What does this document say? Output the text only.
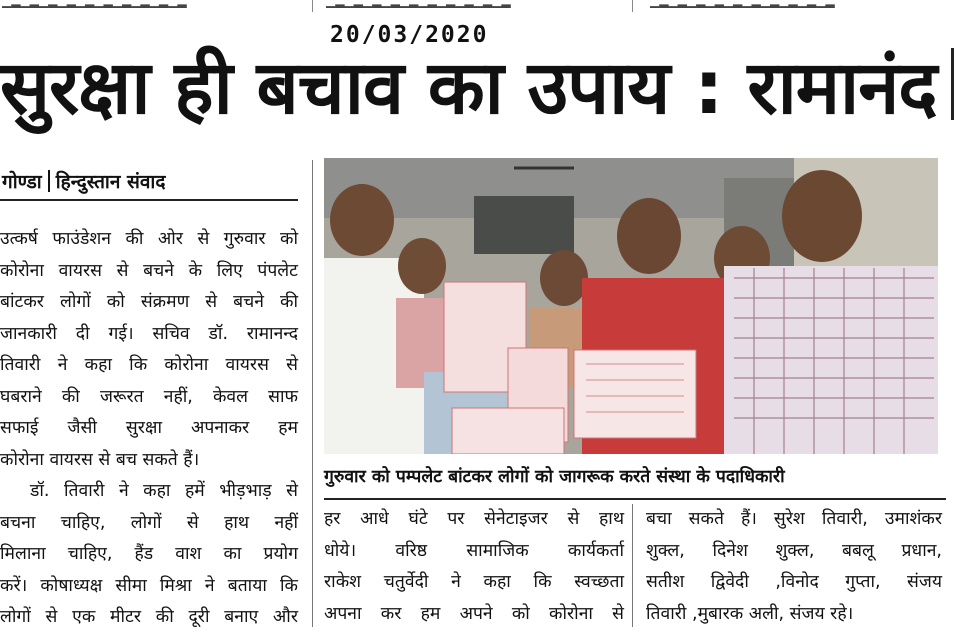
▁▂▁▂▁▂▁▂▁▂▁▂▁▂▁▂▁▂▁▂	▁▂▁▂▁▂▁▂▁▂▁▂▁▂▁▂▁▂▁▂	▁▂▁▂▁▂▁▂▁▂▁▂▁▂▁▂▁▂▁▂
20/03/2020
सुरक्षा ही बचाव का उपाय : रामानंद
गोण्डा हिन्दुस्तान संवाद

उत्कर्ष फाउंडेशन की ओर से गुरुवार को

कोरोना वायरस से बचने के लिए पंपलेट

बांटकर लोगों को संक्रमण से बचने की

जानकारी दी गई। सचिव डॉ. रामानन्द

तिवारी ने कहा कि कोरोना वायरस से

घबराने की जरूरत नहीं, केवल साफ

सफाई जैसी सुरक्षा अपनाकर हम

कोरोना वायरस से बच सकते हैं।

डॉ. तिवारी ने कहा हमें भीड़भाड़ से

बचना चाहिए, लोगों से हाथ नहीं

मिलाना चाहिए, हैंड वाश का प्रयोग

करें। कोषाध्यक्ष सीमा मिश्रा ने बताया कि

लोगों से एक मीटर की दूरी बनाए और

गुरुवार को पम्पलेट बांटकर लोगों को जागरूक करते संस्था के पदाधिकारी

हर आधे घंटे पर सेनेटाइजर से हाथ

धोये। वरिष्ठ सामाजिक कार्यकर्ता

राकेश चतुर्वेदी ने कहा कि स्वच्छता

अपना कर हम अपने को कोरोना से

बचा सकते हैं। सुरेश तिवारी, उमाशंकर

शुक्ल, दिनेश शुक्ल, बबलू प्रधान,

सतीश द्विवेदी ,विनोद गुप्ता, संजय

तिवारी ,मुबारक अली, संजय रहे।
